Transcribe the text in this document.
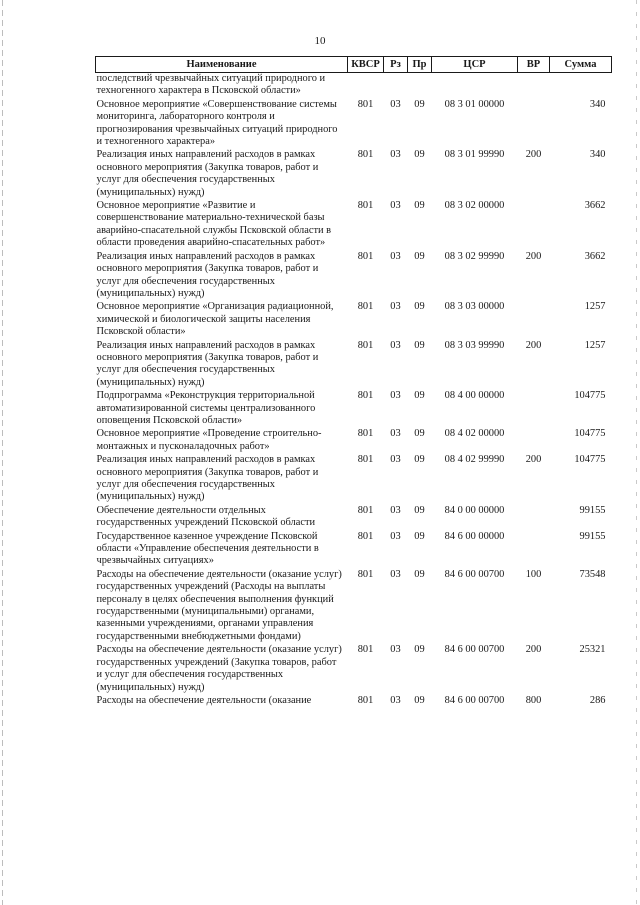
10
Наименование	КВСР	Рз	Пр	ЦСР	ВР	Сумма
последствий чрезвычайных ситуаций природного и техногенного характера в Псковской области»						
Основное мероприятие «Совершенствование системы мониторинга, лабораторного контроля и прогнозирования чрезвычайных ситуаций природного и техногенного характера»	801	03	09	08 3 01 00000		340
Реализация иных направлений расходов в рамках основного мероприятия (Закупка товаров, работ и услуг для обеспечения государственных (муниципальных) нужд)	801	03	09	08 3 01 99990	200	340
Основное мероприятие «Развитие и совершенствование материально-технической базы аварийно-спасательной службы Псковской области в области проведения аварийно-спасательных работ»	801	03	09	08 3 02 00000		3662
Реализация иных направлений расходов в рамках основного мероприятия (Закупка товаров, работ и услуг для обеспечения государственных (муниципальных) нужд)	801	03	09	08 3 02 99990	200	3662
Основное мероприятие «Организация радиационной, химической и биологической защиты населения Псковской области»	801	03	09	08 3 03 00000		1257
Реализация иных направлений расходов в рамках основного мероприятия (Закупка товаров, работ и услуг для обеспечения государственных (муниципальных) нужд)	801	03	09	08 3 03 99990	200	1257
Подпрограмма «Реконструкция территориальной автоматизированной системы централизованного оповещения Псковской области»	801	03	09	08 4 00 00000		104775
Основное мероприятие «Проведение строительно-монтажных и пусконаладочных работ»	801	03	09	08 4 02 00000		104775
Реализация иных направлений расходов в рамках основного мероприятия (Закупка товаров, работ и услуг для обеспечения государственных (муниципальных) нужд)	801	03	09	08 4 02 99990	200	104775
Обеспечение деятельности отдельных государственных учреждений Псковской области	801	03	09	84 0 00 00000		99155
Государственное казенное учреждение Псковской области «Управление обеспечения деятельности в чрезвычайных ситуациях»	801	03	09	84 6 00 00000		99155
Расходы на обеспечение деятельности (оказание услуг) государственных учреждений (Расходы на выплаты персоналу в целях обеспечения выполнения функций государственными (муниципальными) органами, казенными учреждениями, органами управления государственными внебюджетными фондами)	801	03	09	84 6 00 00700	100	73548
Расходы на обеспечение деятельности (оказание услуг) государственных учреждений (Закупка товаров, работ и услуг для обеспечения государственных (муниципальных) нужд)	801	03	09	84 6 00 00700	200	25321
Расходы на обеспечение деятельности (оказание	801	03	09	84 6 00 00700	800	286
